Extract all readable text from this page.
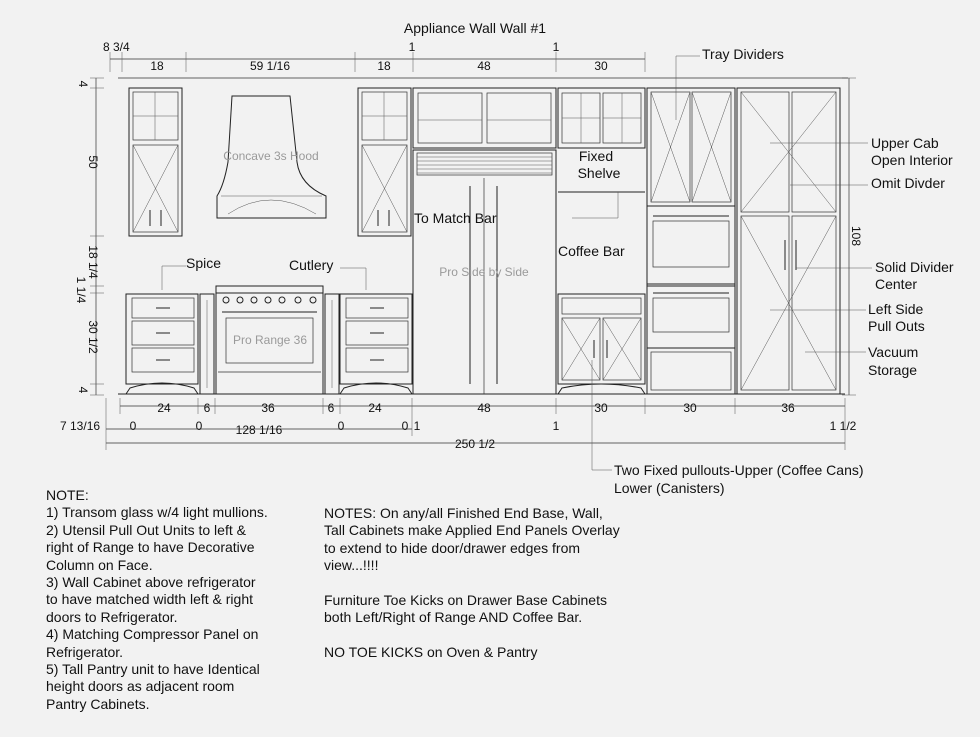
Appliance Wall Wall #1
8 3/4
18	59 1/16	18	48	30
1	1
4
50
18 1/4
1 1/4
30 1/2
4
108
24	6	36	6	24	48	30	30	36
7 13/16 0	0	0	0 1	1	1 1/2
128 1/16
250 1/2
Concave 3s Hood
Pro Side by Side
Pro Range 36
Tray Dividers
Fixed
Shelve
Upper Cab
Open Interior
Omit Divder
To Match Bar
Coffee Bar
Spice	Cutlery	Solid Divider
Center
Left Side
Pull Outs
Vacuum
Storage
Two Fixed pullouts-Upper (Coffee Cans)
Lower (Canisters)
NOTE:
1) Transom glass w/4 light mullions.
2) Utensil Pull Out Units to left &
right of Range to have Decorative
Column on Face.
3) Wall Cabinet above refrigerator
to have matched width left & right
doors to Refrigerator.
4) Matching Compressor Panel on
Refrigerator.
5) Tall Pantry unit to have Identical
height doors as adjacent room
Pantry Cabinets.
NOTES: On any/all Finished End Base, Wall,
Tall Cabinets make Applied End Panels Overlay
to extend to hide door/drawer edges from
view...!!!!

Furniture Toe Kicks on Drawer Base Cabinets
both Left/Right of Range AND Coffee Bar.

NO TOE KICKS on Oven & Pantry
